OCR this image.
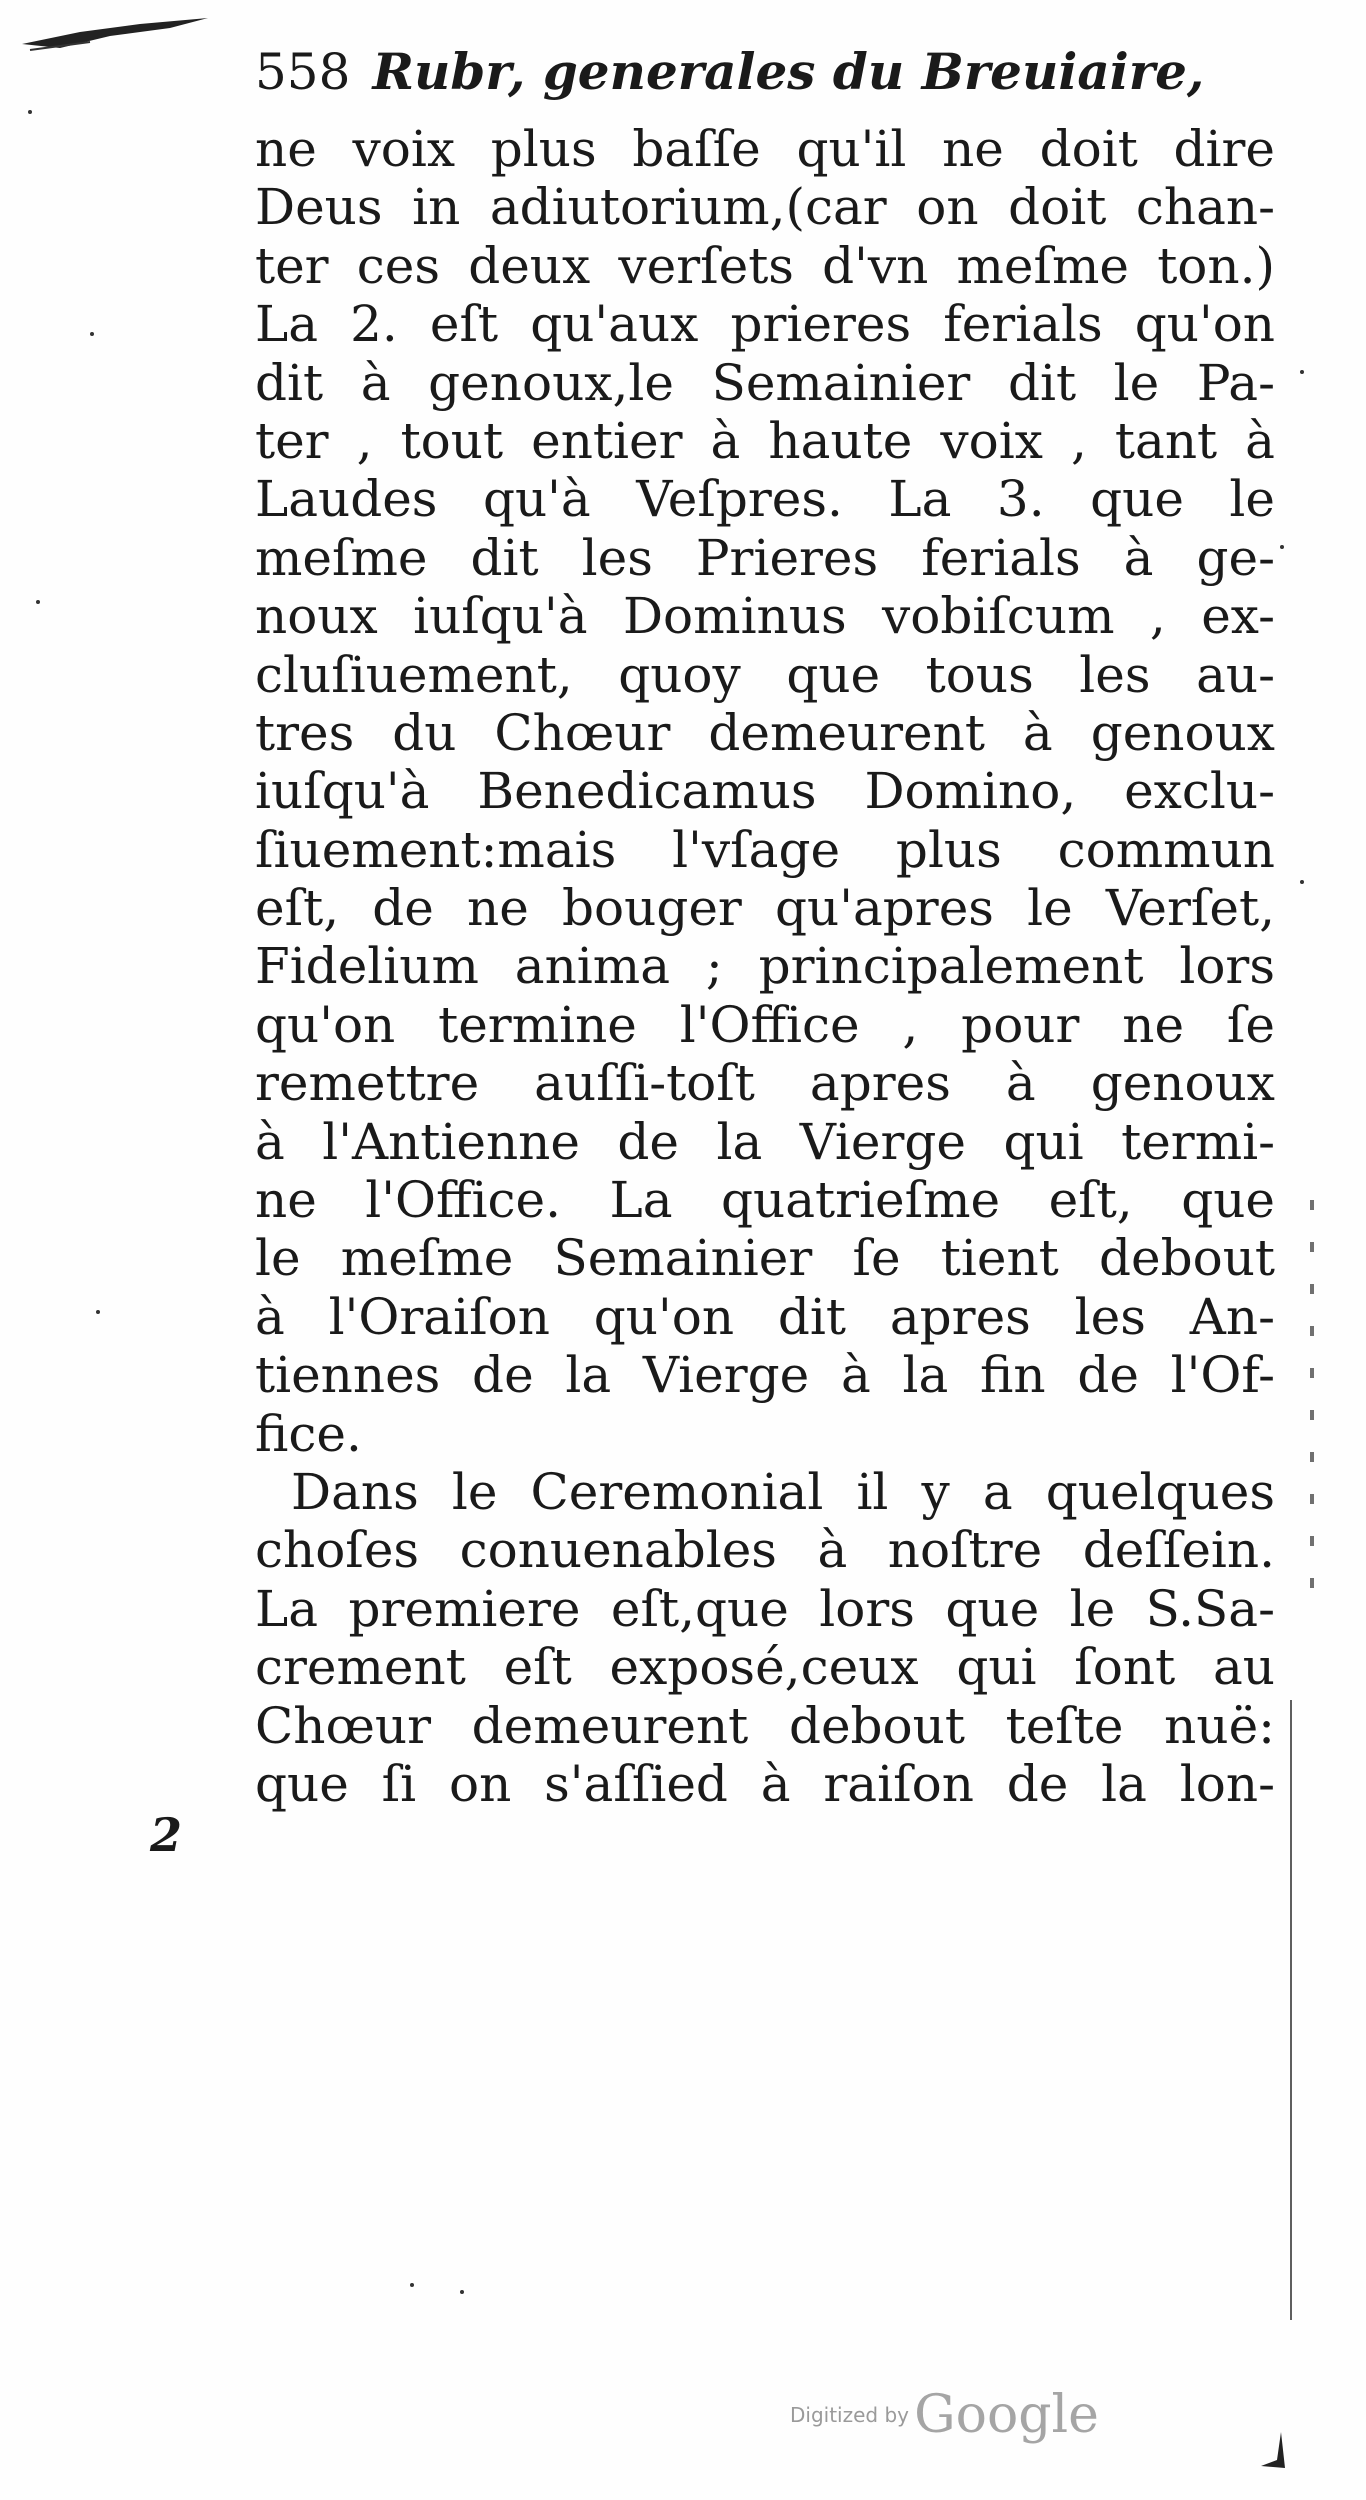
558 Rubr, generales du Breuiaire,
ne voix plus baſſe qu'il ne doit dire
Deus in adiutorium,(car on doit chan-
ter ces deux verſets d'vn meſme ton.)
La 2. eſt qu'aux prieres ferials qu'on
dit à genoux,le Semainier dit le Pa-
ter , tout entier à haute voix , tant à
Laudes qu'à Veſpres. La 3. que le
meſme dit les Prieres ferials à ge-
noux iuſqu'à Dominus vobiſcum , ex-
cluſiuement, quoy que tous les au-
tres du Chœur demeurent à genoux
iuſqu'à Benedicamus Domino, exclu-
ſiuement:mais l'vſage plus commun
eſt, de ne bouger qu'apres le Verſet,
Fidelium anima ; principalement lors
qu'on termine l'Office , pour ne ſe
remettre auſſi-toſt apres à genoux
à l'Antienne de la Vierge qui termi-
ne l'Office. La quatrieſme eſt, que
le meſme Semainier ſe tient debout
à l'Oraiſon qu'on dit apres les An-
tiennes de la Vierge à la fin de l'Of-
fice.
Dans le Ceremonial il y a quelques
choſes conuenables à noſtre deſſein.
La premiere eſt,que lors que le S.Sa-
crement eſt exposé,ceux qui ſont au
Chœur demeurent debout teſte nuë:
que ſi on s'aſſied à raiſon de la lon-
2
Digitized by Google
